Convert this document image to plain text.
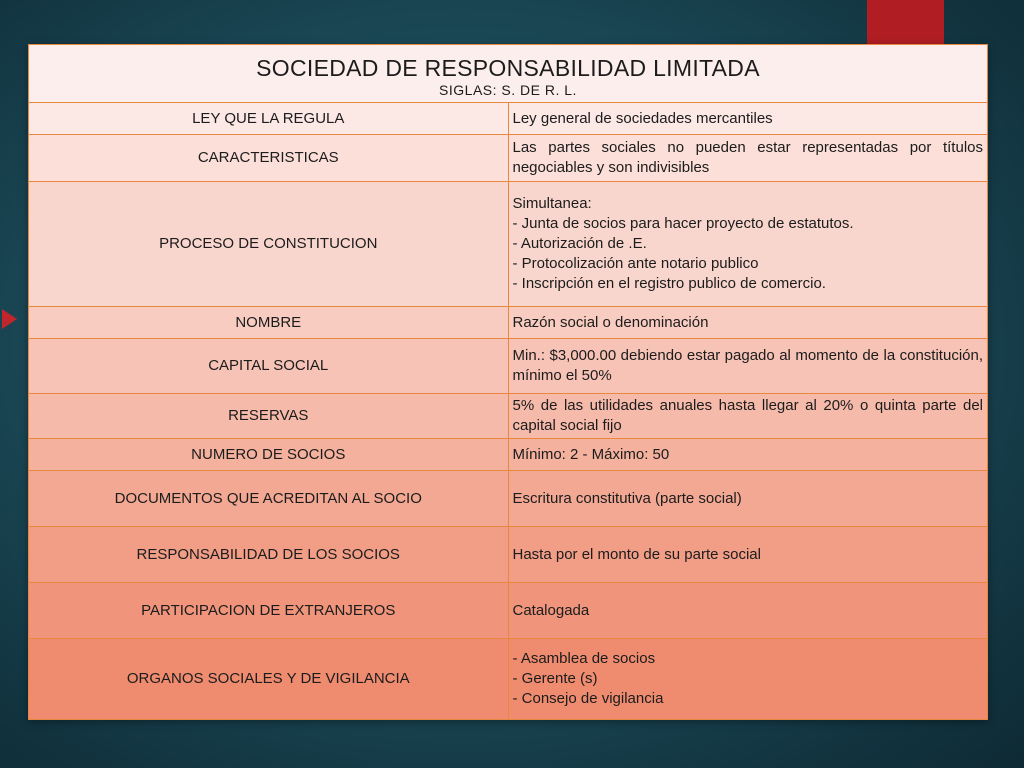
SOCIEDAD DE RESPONSABILIDAD LIMITADA
SIGLAS: S. DE R. L.	

LEY QUE LA REGULA	Ley general de sociedades mercantiles
CARACTERISTICAS	Las partes sociales no pueden estar representadas por títulos negociables y son indivisibles
PROCESO DE CONSTITUCION	Simultanea:
- Junta de socios para hacer proyecto de estatutos.
- Autorización de .E.
- Protocolización ante notario publico
- Inscripción en el registro publico de comercio.

NOMBRE	Razón social o denominación
CAPITAL SOCIAL	Min.: $3,000.00 debiendo estar pagado al momento de la constitución, mínimo el 50%
RESERVAS	5% de las utilidades anuales hasta llegar al 20% o quinta parte del capital social fijo
NUMERO DE SOCIOS	Mínimo: 2 - Máximo: 50
DOCUMENTOS QUE ACREDITAN AL SOCIO	Escritura constitutiva (parte social)
RESPONSABILIDAD DE LOS SOCIOS	Hasta por el monto de su parte social
PARTICIPACION DE EXTRANJEROS	Catalogada
ORGANOS SOCIALES Y DE VIGILANCIA	- Asamblea de socios
- Gerente (s)
- Consejo de vigilancia
